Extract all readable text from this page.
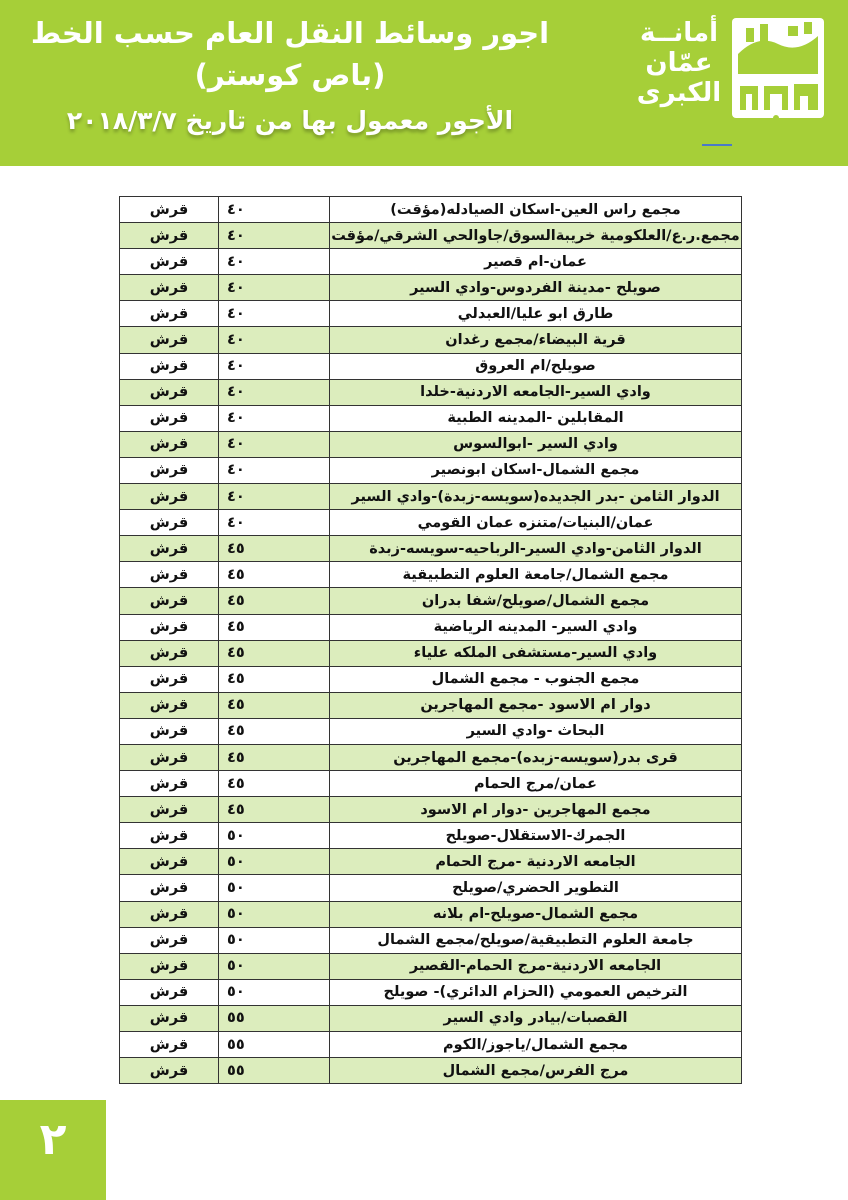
اجور وسائط النقل العام حسب الخط
(باص كوستر)
الأجور معمول بها من تاريخ ٢٠١٨/٣/٧
أمانــة
عمّان
الكبرى
مجمع راس العين-اسكان الصيادله(مؤقت)	٤٠	قرش
مجمع.ر.ع/العلكومية خريبةالسوق/جاوالحي الشرقي/مؤقت	٤٠	قرش
عمان-ام قصير	٤٠	قرش
صويلح -مدينة الفردوس-وادي السير	٤٠	قرش
طارق ابو عليا/العبدلي	٤٠	قرش
قرية البيضاء/مجمع رغدان	٤٠	قرش
صويلح/ام العروق	٤٠	قرش
وادي السير-الجامعه الاردنية-خلدا	٤٠	قرش
المقابلين -المدينه الطبية	٤٠	قرش
وادي السير -ابوالسوس	٤٠	قرش
مجمع الشمال-اسكان ابونصير	٤٠	قرش
الدوار الثامن -بدر الجديده(سويسه-زبدة)-وادي السير	٤٠	قرش
عمان/البنيات/متنزه عمان القومي	٤٠	قرش
الدوار الثامن-وادي السير-الرباحيه-سويسه-زبدة	٤٥	قرش
مجمع الشمال/جامعة العلوم التطبيقية	٤٥	قرش
مجمع الشمال/صويلح/شفا بدران	٤٥	قرش
وادي السير- المدينه الرياضية	٤٥	قرش
وادي السير-مستشفى الملكه علياء	٤٥	قرش
مجمع الجنوب - مجمع الشمال	٤٥	قرش
دوار ام الاسود -مجمع المهاجرين	٤٥	قرش
البحاث -وادي السير	٤٥	قرش
قرى بدر(سويسه-زبده)-مجمع المهاجرين	٤٥	قرش
عمان/مرج الحمام	٤٥	قرش
مجمع المهاجرين -دوار ام الاسود	٤٥	قرش
الجمرك-الاستقلال-صويلح	٥٠	قرش
الجامعه الاردنية -مرج الحمام	٥٠	قرش
التطوير الحضري/صويلح	٥٠	قرش
مجمع الشمال-صويلح-ام بلانه	٥٠	قرش
جامعة العلوم التطبيقية/صويلح/مجمع الشمال	٥٠	قرش
الجامعه الاردنية-مرج الحمام-القصير	٥٠	قرش
الترخيص العمومي (الحزام الدائري)- صويلح	٥٠	قرش
القصبات/بيادر وادي السير	٥٥	قرش
مجمع الشمال/ياجوز/الكوم	٥٥	قرش
مرج الفرس/مجمع الشمال	٥٥	قرش
٢
